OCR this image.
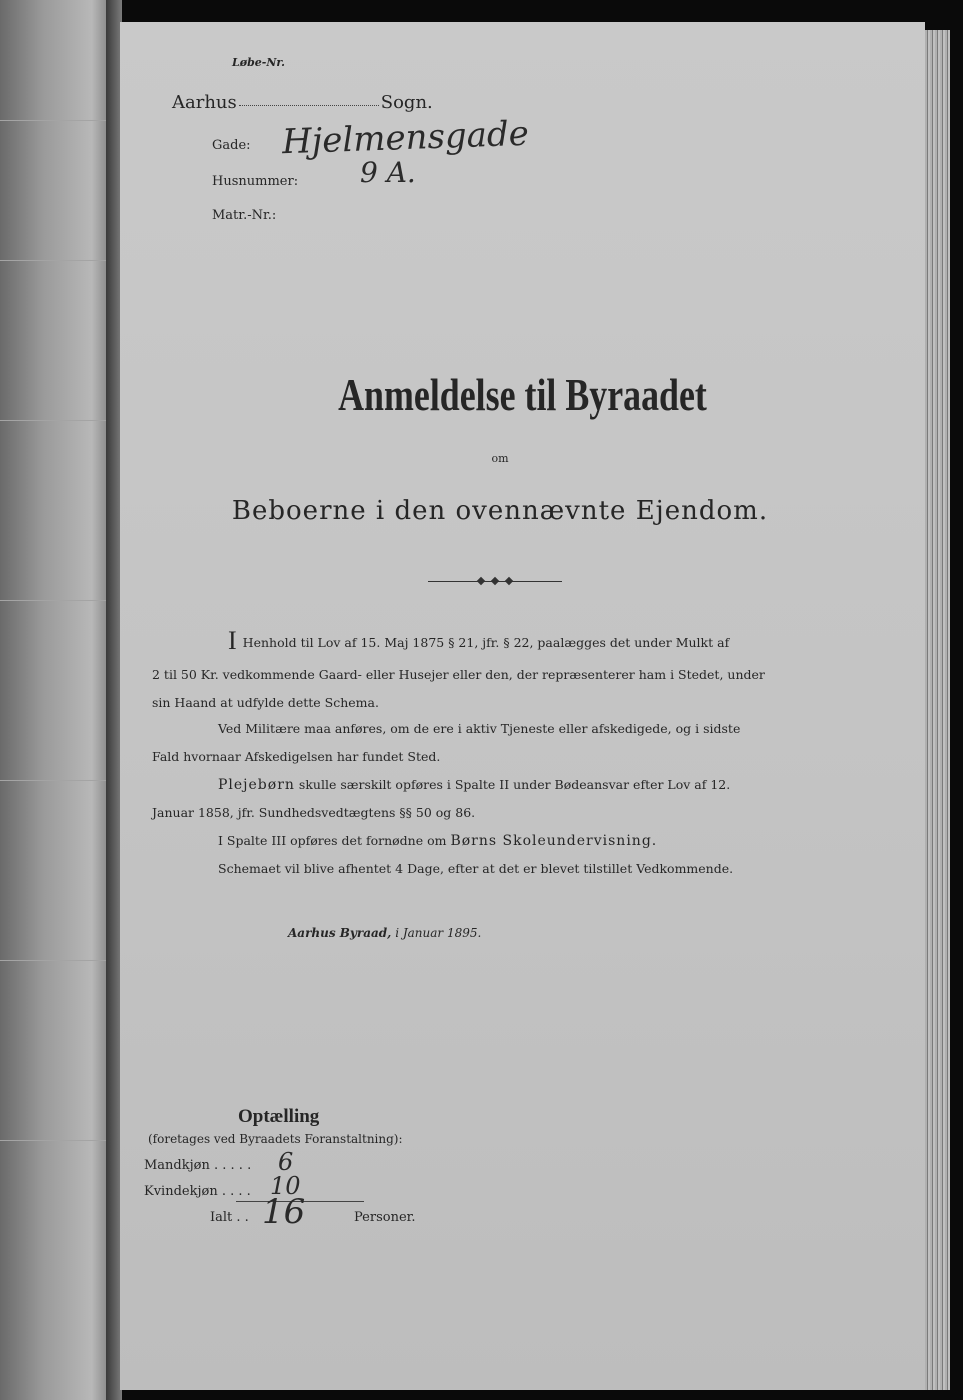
Løbe-Nr.
Aarhus	Sogn.
Gade: Hjelmensgade
Husnummer: 9 A.
Matr.-Nr.:
Anmeldelse til Byraadet
om
Beboerne i den ovennævnte Ejendom.
I Henhold til Lov af 15. Maj 1875 § 21, jfr. § 22, paalægges det under Mulkt af
2 til 50 Kr. vedkommende Gaard- eller Husejer eller den, der repræsenterer ham i Stedet, under
sin Haand at udfylde dette Schema.
Ved Militære maa anføres, om de ere i aktiv Tjeneste eller afskedigede, og i sidste
Fald hvornaar Afskedigelsen har fundet Sted.
Plejebørn skulle særskilt opføres i Spalte II under Bødeansvar efter Lov af 12.
Januar 1858, jfr. Sundhedsvedtægtens §§ 50 og 86.
I Spalte III opføres det fornødne om Børns Skoleundervisning.
Schemaet vil blive afhentet 4 Dage, efter at det er blevet tilstillet Vedkommende.
Aarhus Byraad, i Januar 1895.
Optælling
(foretages ved Byraadets Foranstaltning):
Mandkjøn . . . . . 6
Kvindekjøn . . . . 10
Ialt . . 16	Personer.
